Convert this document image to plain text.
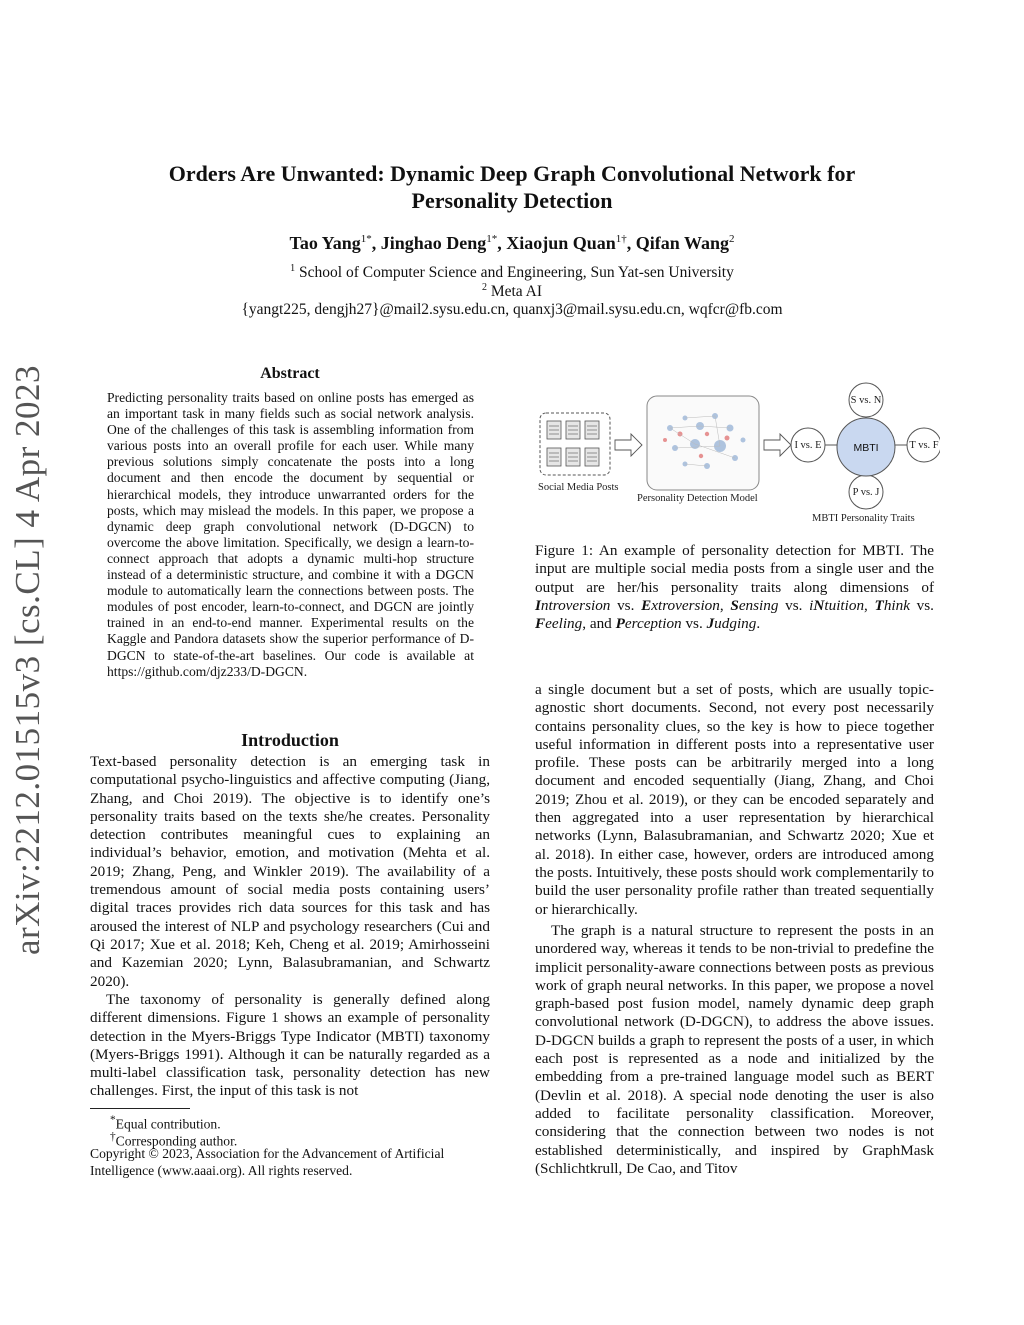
arXiv:2212.01515v3 [cs.CL] 4 Apr 2023
Orders Are Unwanted: Dynamic Deep Graph Convolutional Network for
Personality Detection
Tao Yang$^{1*}$, Jinghao Deng$^{1*}$, Xiaojun Quan$^{1\dagger}$, Qifan Wang$^2$
$^1$ School of Computer Science and Engineering, Sun Yat-sen University
$^2$ Meta AI
{yangt225, dengjh27}@mail2.sysu.edu.cn, quanxj3@mail.sysu.edu.cn, wqfcr@fb.com
Abstract
Predicting personality traits based on online posts has emerged as an important task in many fields such as social network analysis. One of the challenges of this task is assembling information from various posts into an overall profile for each user. While many previous solutions simply concatenate the posts into a long document and then encode the document by sequential or hierarchical models, they introduce unwarranted orders for the posts, which may mislead the models. In this paper, we propose a dynamic deep graph convolutional network (D-DGCN) to overcome the above limitation. Specifically, we design a learn-to-connect approach that adopts a dynamic multi-hop structure instead of a deterministic structure, and combine it with a DGCN module to automatically learn the connections between posts. The modules of post encoder, learn-to-connect, and DGCN are jointly trained in an end-to-end manner. Experimental results on the Kaggle and Pandora datasets show the superior performance of D-DGCN to state-of-the-art baselines. Our code is available at https://github.com/djz233/D-DGCN.
Introduction
Text-based personality detection is an emerging task in computational psycho-linguistics and affective computing (Jiang, Zhang, and Choi 2019). The objective is to identify one’s personality traits based on the texts she/he creates. Personality detection contributes meaningful cues to explaining an individual’s behavior, emotion, and motivation (Mehta et al. 2019; Zhang, Peng, and Winkler 2019). The availability of a tremendous amount of social media posts containing users’ digital traces provides rich data sources for this task and has aroused the interest of NLP and psychology researchers (Cui and Qi 2017; Xue et al. 2018; Keh, Cheng et al. 2019; Amirhosseini and Kazemian 2020; Lynn, Balasubramanian, and Schwartz 2020).
The taxonomy of personality is generally defined along different dimensions. Figure 1 shows an example of personality detection in the Myers-Briggs Type Indicator (MBTI) taxonomy (Myers-Briggs 1991). Although it can be naturally regarded as a multi-label classification task, personality detection has new challenges. First, the input of this task is not
*Equal contribution.
†Corresponding author.
Copyright © 2023, Association for the Advancement of Artificial Intelligence (www.aaai.org). All rights reserved.
Social Media Posts
Personality Detection Model
MBTI
S vs. N
I vs. E	T vs. F
P vs. J
MBTI Personality Traits
Figure 1: An example of personality detection for MBTI. The input are multiple social media posts from a single user and the output are her/his personality traits along dimensions of Introversion vs. Extroversion, Sensing vs. iNtuition, Think vs. Feeling, and Perception vs. Judging.
a single document but a set of posts, which are usually topic-agnostic short documents. Second, not every post necessarily contains personality clues, so the key is how to piece together useful information in different posts into a representative user profile. These posts can be arbitrarily merged into a long document and encoded sequentially (Jiang, Zhang, and Choi 2019; Zhou et al. 2019), or they can be encoded separately and then aggregated into a user representation by hierarchical networks (Lynn, Balasubramanian, and Schwartz 2020; Xue et al. 2018). In either case, however, orders are introduced among the posts. Intuitively, these posts should work complementarily to build the user personality profile rather than treated sequentially or hierarchically.
The graph is a natural structure to represent the posts in an unordered way, whereas it tends to be non-trivial to predefine the implicit personality-aware connections between posts as previous work of graph neural networks. In this paper, we propose a novel graph-based post fusion model, namely dynamic deep graph convolutional network (D-DGCN), to address the above issues. D-DGCN builds a graph to represent the posts of a user, in which each post is represented as a node and initialized by the embedding from a pre-trained language model such as BERT (Devlin et al. 2018). A special node denoting the user is also added to facilitate personality classification. Moreover, considering that the connection between two nodes is not established deterministically, and inspired by GraphMask (Schlichtkrull, De Cao, and Titov
